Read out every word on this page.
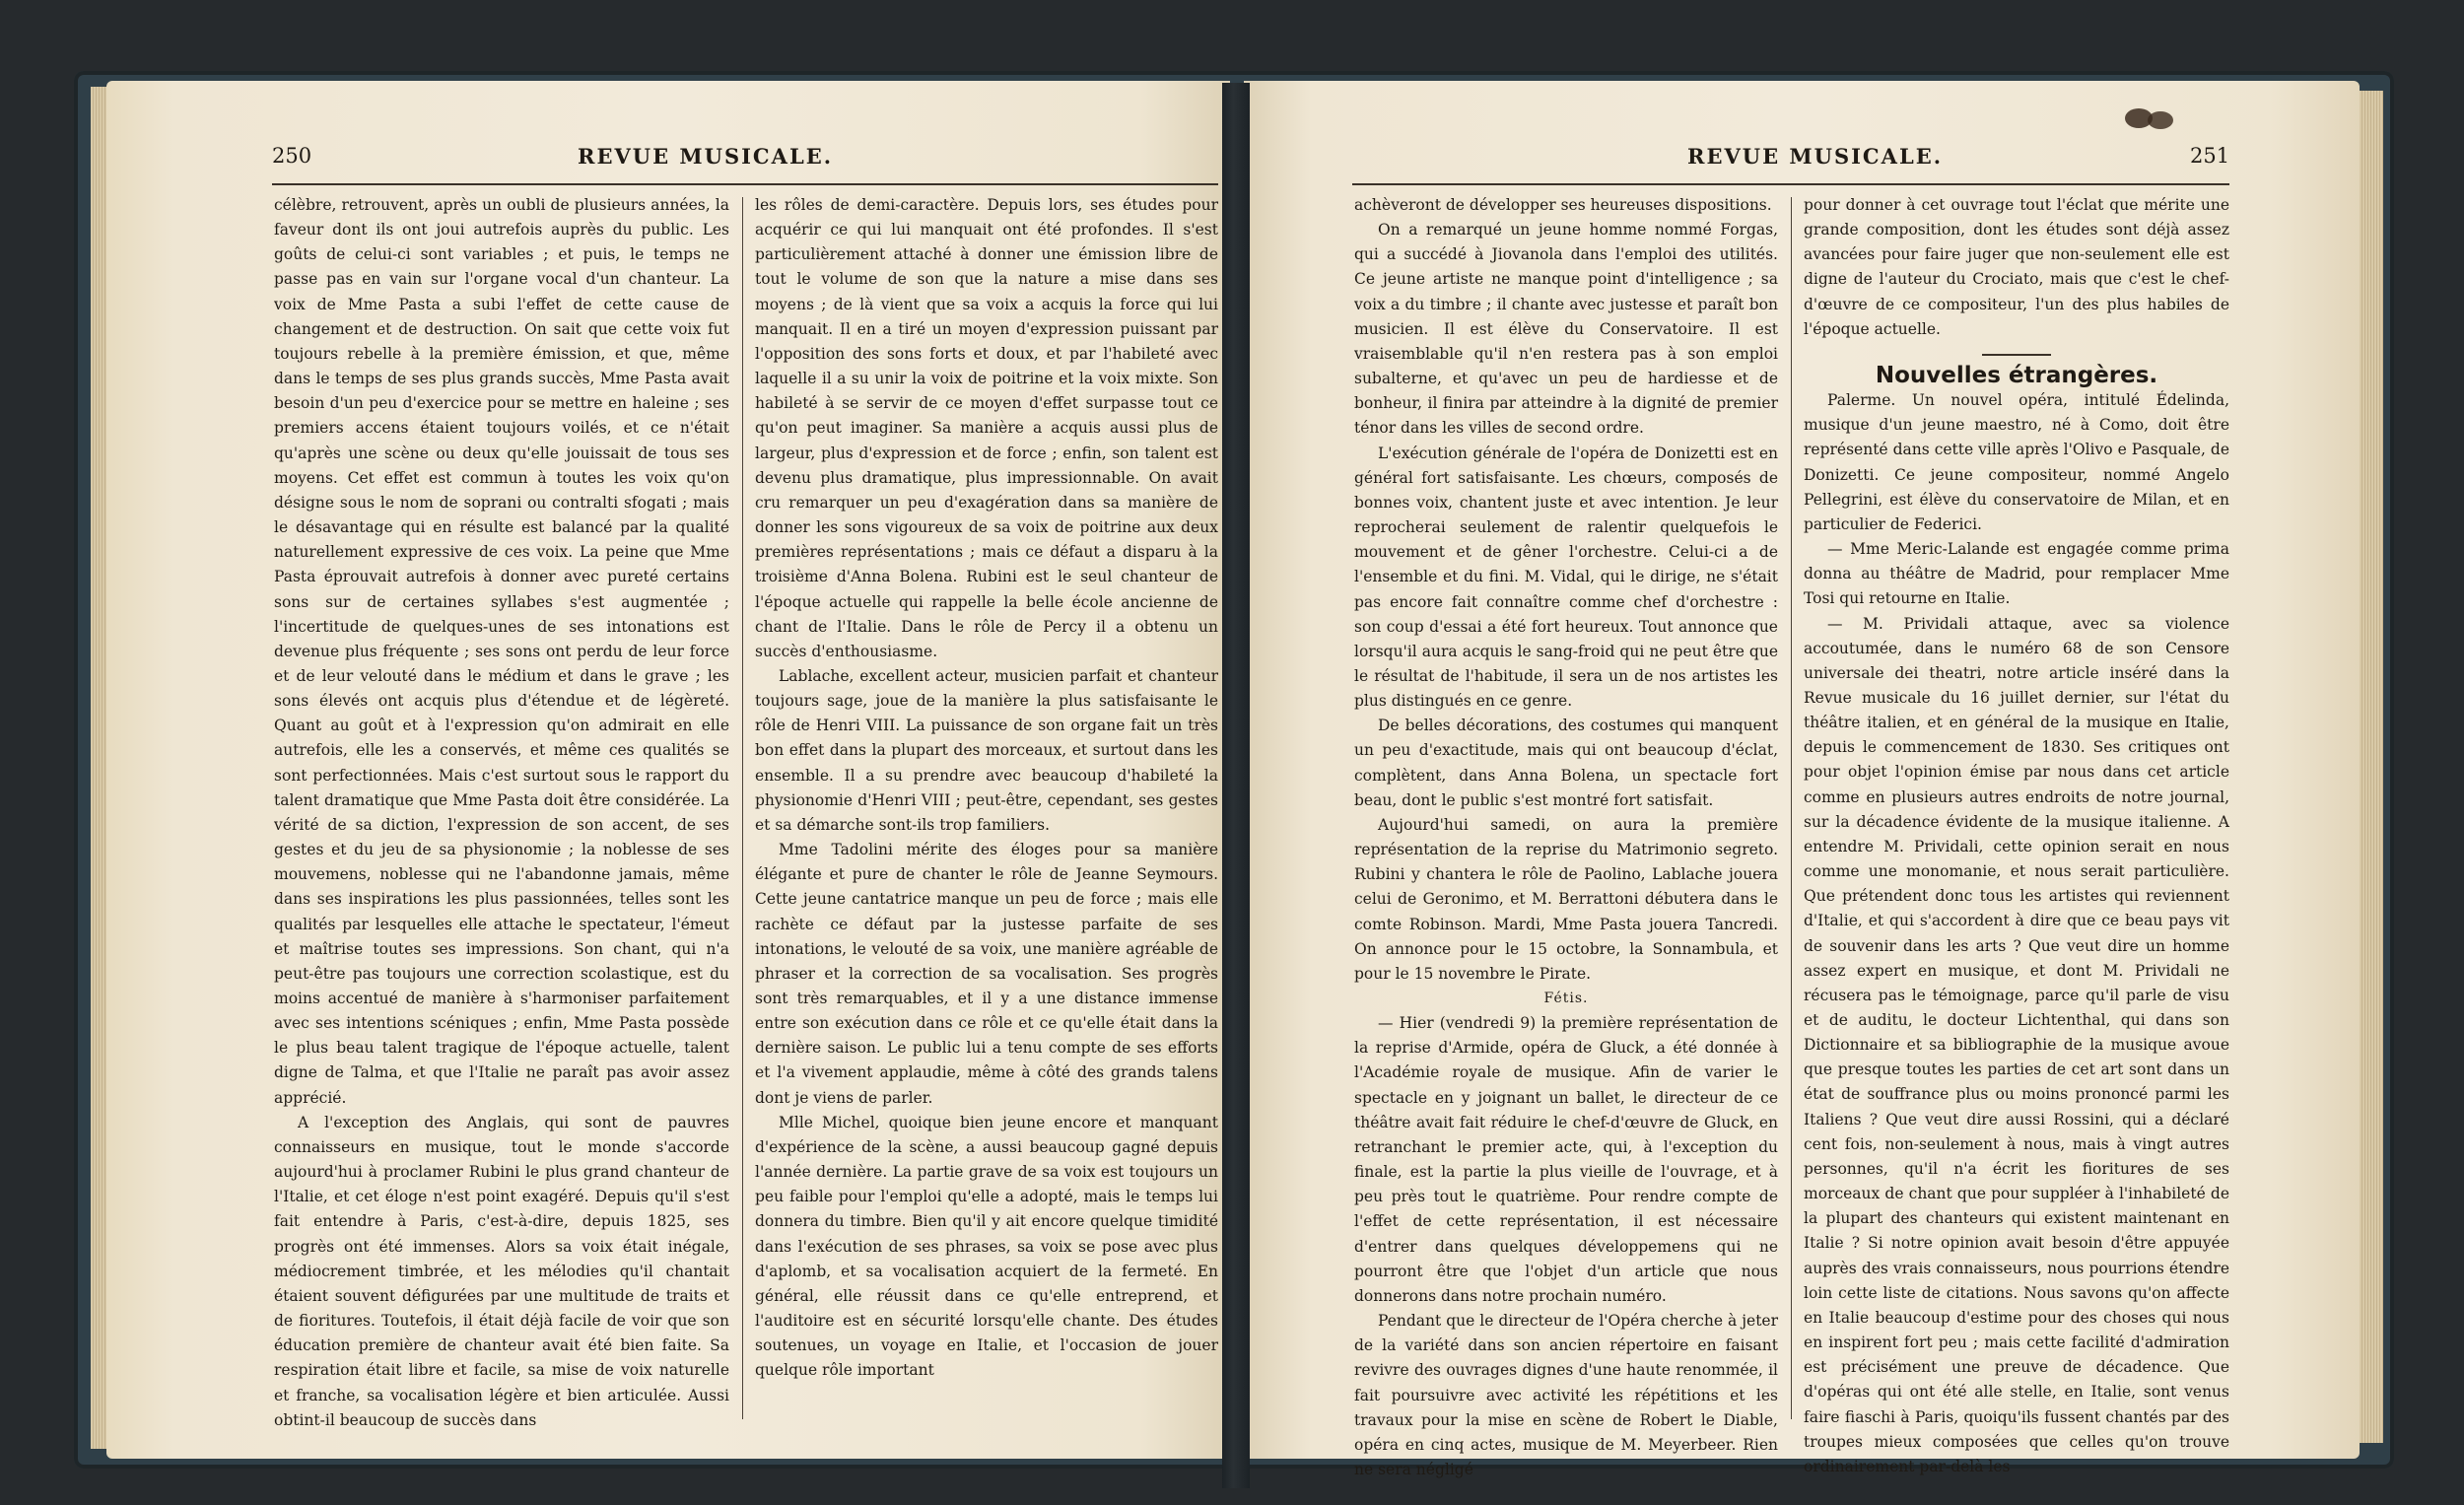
250	REVUE MUSICALE.

célèbre, retrouvent, après un oubli de plusieurs années, la faveur dont ils ont joui autrefois auprès du public. Les goûts de celui-ci sont variables ; et puis, le temps ne passe pas en vain sur l'organe vocal d'un chanteur. La voix de Mme Pasta a subi l'effet de cette cause de changement et de destruction. On sait que cette voix fut toujours rebelle à la première émission, et que, même dans le temps de ses plus grands succès, Mme Pasta avait besoin d'un peu d'exercice pour se mettre en haleine ; ses premiers accens étaient toujours voilés, et ce n'était qu'après une scène ou deux qu'elle jouissait de tous ses moyens. Cet effet est commun à toutes les voix qu'on désigne sous le nom de soprani ou contralti sfogati ; mais le désavantage qui en résulte est balancé par la qualité naturellement expressive de ces voix. La peine que Mme Pasta éprouvait autrefois à donner avec pureté certains sons sur de certaines syllabes s'est augmentée ; l'incertitude de quelques-unes de ses intonations est devenue plus fréquente ; ses sons ont perdu de leur force et de leur velouté dans le médium et dans le grave ; les sons élevés ont acquis plus d'étendue et de légèreté. Quant au goût et à l'expression qu'on admirait en elle autrefois, elle les a conservés, et même ces qualités se sont perfectionnées. Mais c'est surtout sous le rapport du talent dramatique que Mme Pasta doit être considérée. La vérité de sa diction, l'expression de son accent, de ses gestes et du jeu de sa physionomie ; la noblesse de ses mouvemens, noblesse qui ne l'abandonne jamais, même dans ses inspirations les plus passionnées, telles sont les qualités par lesquelles elle attache le spectateur, l'émeut et maîtrise toutes ses impressions. Son chant, qui n'a peut-être pas toujours une correction scolastique, est du moins accentué de manière à s'harmoniser parfaitement avec ses intentions scéniques ; enfin, Mme Pasta possède le plus beau talent tragique de l'époque actuelle, talent digne de Talma, et que l'Italie ne paraît pas avoir assez apprécié.

A l'exception des Anglais, qui sont de pauvres connaisseurs en musique, tout le monde s'accorde aujourd'hui à proclamer Rubini le plus grand chanteur de l'Italie, et cet éloge n'est point exagéré. Depuis qu'il s'est fait entendre à Paris, c'est-à-dire, depuis 1825, ses progrès ont été immenses. Alors sa voix était inégale, médiocrement timbrée, et les mélodies qu'il chantait étaient souvent défigurées par une multitude de traits et de fioritures. Toutefois, il était déjà facile de voir que son éducation première de chanteur avait été bien faite. Sa respiration était libre et facile, sa mise de voix naturelle et franche, sa vocalisation légère et bien articulée. Aussi obtint-il beaucoup de succès dans

les rôles de demi-caractère. Depuis lors, ses études pour acquérir ce qui lui manquait ont été profondes. Il s'est particulièrement attaché à donner une émission libre de tout le volume de son que la nature a mise dans ses moyens ; de là vient que sa voix a acquis la force qui lui manquait. Il en a tiré un moyen d'expression puissant par l'opposition des sons forts et doux, et par l'habileté avec laquelle il a su unir la voix de poitrine et la voix mixte. Son habileté à se servir de ce moyen d'effet surpasse tout ce qu'on peut imaginer. Sa manière a acquis aussi plus de largeur, plus d'expression et de force ; enfin, son talent est devenu plus dramatique, plus impressionnable. On avait cru remarquer un peu d'exagération dans sa manière de donner les sons vigoureux de sa voix de poitrine aux deux premières représentations ; mais ce défaut a disparu à la troisième d'Anna Bolena. Rubini est le seul chanteur de l'époque actuelle qui rappelle la belle école ancienne de chant de l'Italie. Dans le rôle de Percy il a obtenu un succès d'enthousiasme.

Lablache, excellent acteur, musicien parfait et chanteur toujours sage, joue de la manière la plus satisfaisante le rôle de Henri VIII. La puissance de son organe fait un très bon effet dans la plupart des morceaux, et surtout dans les ensemble. Il a su prendre avec beaucoup d'habileté la physionomie d'Henri VIII ; peut-être, cependant, ses gestes et sa démarche sont-ils trop familiers.

Mme Tadolini mérite des éloges pour sa manière élégante et pure de chanter le rôle de Jeanne Seymours. Cette jeune cantatrice manque un peu de force ; mais elle rachète ce défaut par la justesse parfaite de ses intonations, le velouté de sa voix, une manière agréable de phraser et la correction de sa vocalisation. Ses progrès sont très remarquables, et il y a une distance immense entre son exécution dans ce rôle et ce qu'elle était dans la dernière saison. Le public lui a tenu compte de ses efforts et l'a vivement applaudie, même à côté des grands talens dont je viens de parler.

Mlle Michel, quoique bien jeune encore et manquant d'expérience de la scène, a aussi beaucoup gagné depuis l'année dernière. La partie grave de sa voix est toujours un peu faible pour l'emploi qu'elle a adopté, mais le temps lui donnera du timbre. Bien qu'il y ait encore quelque timidité dans l'exécution de ses phrases, sa voix se pose avec plus d'aplomb, et sa vocalisation acquiert de la fermeté. En général, elle réussit dans ce qu'elle entreprend, et l'auditoire est en sécurité lorsqu'elle chante. Des études soutenues, un voyage en Italie, et l'occasion de jouer quelque rôle important

REVUE MUSICALE.	251

achèveront de développer ses heureuses dispositions.

On a remarqué un jeune homme nommé Forgas, qui a succédé à Jiovanola dans l'emploi des utilités. Ce jeune artiste ne manque point d'intelligence ; sa voix a du timbre ; il chante avec justesse et paraît bon musicien. Il est élève du Conservatoire. Il est vraisemblable qu'il n'en restera pas à son emploi subalterne, et qu'avec un peu de hardiesse et de bonheur, il finira par atteindre à la dignité de premier ténor dans les villes de second ordre.

L'exécution générale de l'opéra de Donizetti est en général fort satisfaisante. Les chœurs, composés de bonnes voix, chantent juste et avec intention. Je leur reprocherai seulement de ralentir quelquefois le mouvement et de gêner l'orchestre. Celui-ci a de l'ensemble et du fini. M. Vidal, qui le dirige, ne s'était pas encore fait connaître comme chef d'orchestre : son coup d'essai a été fort heureux. Tout annonce que lorsqu'il aura acquis le sang-froid qui ne peut être que le résultat de l'habitude, il sera un de nos artistes les plus distingués en ce genre.

De belles décorations, des costumes qui manquent un peu d'exactitude, mais qui ont beaucoup d'éclat, complètent, dans Anna Bolena, un spectacle fort beau, dont le public s'est montré fort satisfait.

Aujourd'hui samedi, on aura la première représentation de la reprise du Matrimonio segreto. Rubini y chantera le rôle de Paolino, Lablache jouera celui de Geronimo, et M. Berrattoni débutera dans le comte Robinson. Mardi, Mme Pasta jouera Tancredi. On annonce pour le 15 octobre, la Sonnambula, et pour le 15 novembre le Pirate.

Fétis.

— Hier (vendredi 9) la première représentation de la reprise d'Armide, opéra de Gluck, a été donnée à l'Académie royale de musique. Afin de varier le spectacle en y joignant un ballet, le directeur de ce théâtre avait fait réduire le chef-d'œuvre de Gluck, en retranchant le premier acte, qui, à l'exception du finale, est la partie la plus vieille de l'ouvrage, et à peu près tout le quatrième. Pour rendre compte de l'effet de cette représentation, il est nécessaire d'entrer dans quelques développemens qui ne pourront être que l'objet d'un article que nous donnerons dans notre prochain numéro.

Pendant que le directeur de l'Opéra cherche à jeter de la variété dans son ancien répertoire en faisant revivre des ouvrages dignes d'une haute renommée, il fait poursuivre avec activité les répétitions et les travaux pour la mise en scène de Robert le Diable, opéra en cinq actes, musique de M. Meyerbeer. Rien ne sera négligé

pour donner à cet ouvrage tout l'éclat que mérite une grande composition, dont les études sont déjà assez avancées pour faire juger que non-seulement elle est digne de l'auteur du Crociato, mais que c'est le chef-d'œuvre de ce compositeur, l'un des plus habiles de l'époque actuelle.

Nouvelles étrangères.

Palerme. Un nouvel opéra, intitulé Édelinda, musique d'un jeune maestro, né à Como, doit être représenté dans cette ville après l'Olivo e Pasquale, de Donizetti. Ce jeune compositeur, nommé Angelo Pellegrini, est élève du conservatoire de Milan, et en particulier de Federici.

— Mme Meric-Lalande est engagée comme prima donna au théâtre de Madrid, pour remplacer Mme Tosi qui retourne en Italie.

— M. Prividali attaque, avec sa violence accoutumée, dans le numéro 68 de son Censore universale dei theatri, notre article inséré dans la Revue musicale du 16 juillet dernier, sur l'état du théâtre italien, et en général de la musique en Italie, depuis le commencement de 1830. Ses critiques ont pour objet l'opinion émise par nous dans cet article comme en plusieurs autres endroits de notre journal, sur la décadence évidente de la musique italienne. A entendre M. Prividali, cette opinion serait en nous comme une monomanie, et nous serait particulière. Que prétendent donc tous les artistes qui reviennent d'Italie, et qui s'accordent à dire que ce beau pays vit de souvenir dans les arts ? Que veut dire un homme assez expert en musique, et dont M. Prividali ne récusera pas le témoignage, parce qu'il parle de visu et de auditu, le docteur Lichtenthal, qui dans son Dictionnaire et sa bibliographie de la musique avoue que presque toutes les parties de cet art sont dans un état de souffrance plus ou moins prononcé parmi les Italiens ? Que veut dire aussi Rossini, qui a déclaré cent fois, non-seulement à nous, mais à vingt autres personnes, qu'il n'a écrit les fioritures de ses morceaux de chant que pour suppléer à l'inhabileté de la plupart des chanteurs qui existent maintenant en Italie ? Si notre opinion avait besoin d'être appuyée auprès des vrais connaisseurs, nous pourrions étendre loin cette liste de citations. Nous savons qu'on affecte en Italie beaucoup d'estime pour des choses qui nous en inspirent fort peu ; mais cette facilité d'admiration est précisément une preuve de décadence. Que d'opéras qui ont été alle stelle, en Italie, sont venus faire fiaschi à Paris, quoiqu'ils fussent chantés par des troupes mieux composées que celles qu'on trouve ordinairement par-delà les
